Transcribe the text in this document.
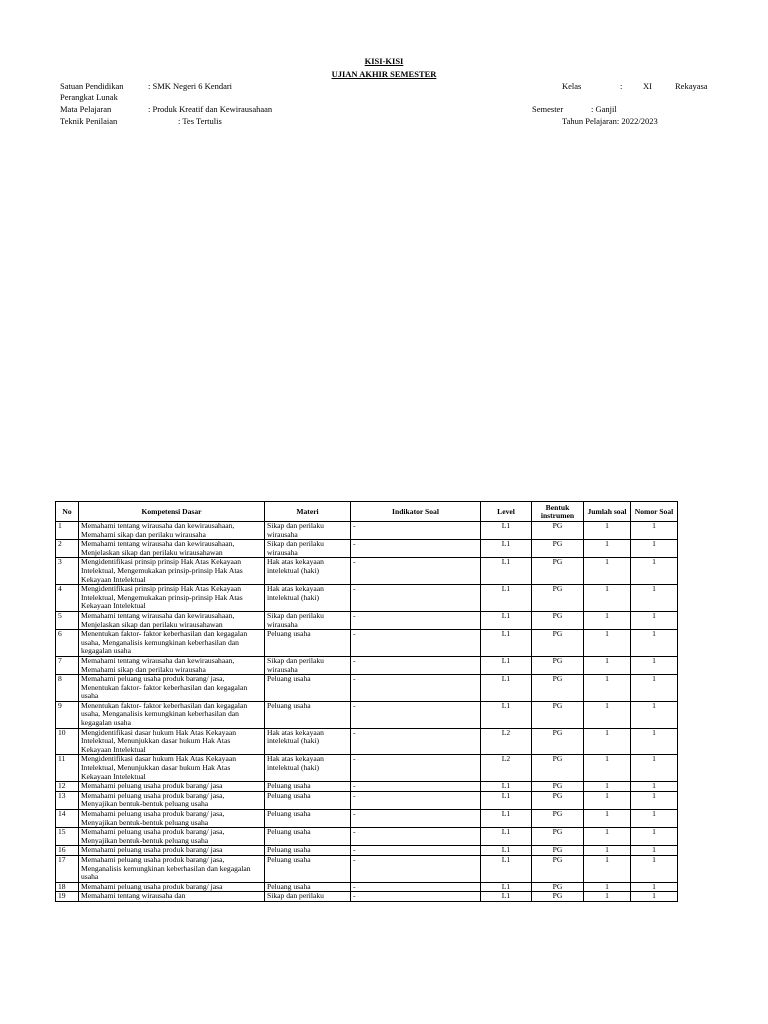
KISI-KISI
UJIAN AKHIR SEMESTER
Satuan Pendidikan	: SMK Negeri 6 Kendari	Kelas	: XI	Rekayasa
Perangkat Lunak
Mata Pelajaran	: Produk Kreatif dan Kewirausahaan	Semester	: Ganjil
Teknik Penilaian	: Tes Tertulis	Tahun Pelajaran: 2022/2023
No	Kompetensi Dasar	Materi	Indikator Soal	Level	Bentuk instrumen	Jumlah soal	Nomor Soal
1	Memahami tentang wirausaha dan kewirausahaan, Memahami sikap dan perilaku wirausaha	Sikap dan perilaku wirausaha	-	L1	PG	1	1
2	Memahami tentang wirausaha dan kewirausahaan, Menjelaskan sikap dan perilaku wirausahawan	Sikap dan perilaku wirausaha	-	L1	PG	1	1
3	Mengidentifikasi prinsip prinsip Hak Atas Kekayaan Intelektual, Mengemukakan prinsip-prinsip Hak Atas Kekayaan Intelektual	Hak atas kekayaan intelektual (haki)	-	L1	PG	1	1
4	Mengidentifikasi prinsip prinsip Hak Atas Kekayaan Intelektual, Mengemukakan prinsip-prinsip Hak Atas Kekayaan Intelektual	Hak atas kekayaan intelektual (haki)	-	L1	PG	1	1
5	Memahami tentang wirausaha dan kewirausahaan, Menjelaskan sikap dan perilaku wirausahawan	Sikap dan perilaku wirausaha	-	L1	PG	1	1
6	Menentukan faktor- faktor keberhasilan dan kegagalan usaha, Menganalisis kemungkinan keberhasilan dan kegagalan usaha	Peluang usaha	-	L1	PG	1	1
7	Memahami tentang wirausaha dan kewirausahaan, Memahami sikap dan perilaku wirausaha	Sikap dan perilaku wirausaha	-	L1	PG	1	1
8	Memahami peluang usaha produk barang/ jasa, Menentukan faktor- faktor keberhasilan dan kegagalan usaha	Peluang usaha	-	L1	PG	1	1
9	Menentukan faktor- faktor keberhasilan dan kegagalan usaha, Menganalisis kemungkinan keberhasilan dan kegagalan usaha	Peluang usaha	-	L1	PG	1	1
10	Mengidentifikasi dasar hukum Hak Atas Kekayaan Intelektual, Menunjukkan dasar hukum Hak Atas Kekayaan Intelektual	Hak atas kekayaan intelektual (haki)	-	L2	PG	1	1
11	Mengidentifikasi dasar hukum Hak Atas Kekayaan Intelektual, Menunjukkan dasar hukum Hak Atas Kekayaan Intelektual	Hak atas kekayaan intelektual (haki)	-	L2	PG	1	1
12	Memahami peluang usaha produk barang/ jasa	Peluang usaha	-	L1	PG	1	1
13	Memahami peluang usaha produk barang/ jasa, Menyajikan bentuk-bentuk peluang usaha	Peluang usaha	-	L1	PG	1	1
14	Memahami peluang usaha produk barang/ jasa, Menyajikan bentuk-bentuk peluang usaha	Peluang usaha	-	L1	PG	1	1
15	Memahami peluang usaha produk barang/ jasa, Menyajikan bentuk-bentuk peluang usaha	Peluang usaha	-	L1	PG	1	1
16	Memahami peluang usaha produk barang/ jasa	Peluang usaha	-	L1	PG	1	1
17	Memahami peluang usaha produk barang/ jasa, Menganalisis kemungkinan keberhasilan dan kegagalan usaha	Peluang usaha	-	L1	PG	1	1
18	Memahami peluang usaha produk barang/ jasa	Peluang usaha	-	L1	PG	1	1
19	Memahami tentang wirausaha dan	Sikap dan perilaku	-	L1	PG	1	1
